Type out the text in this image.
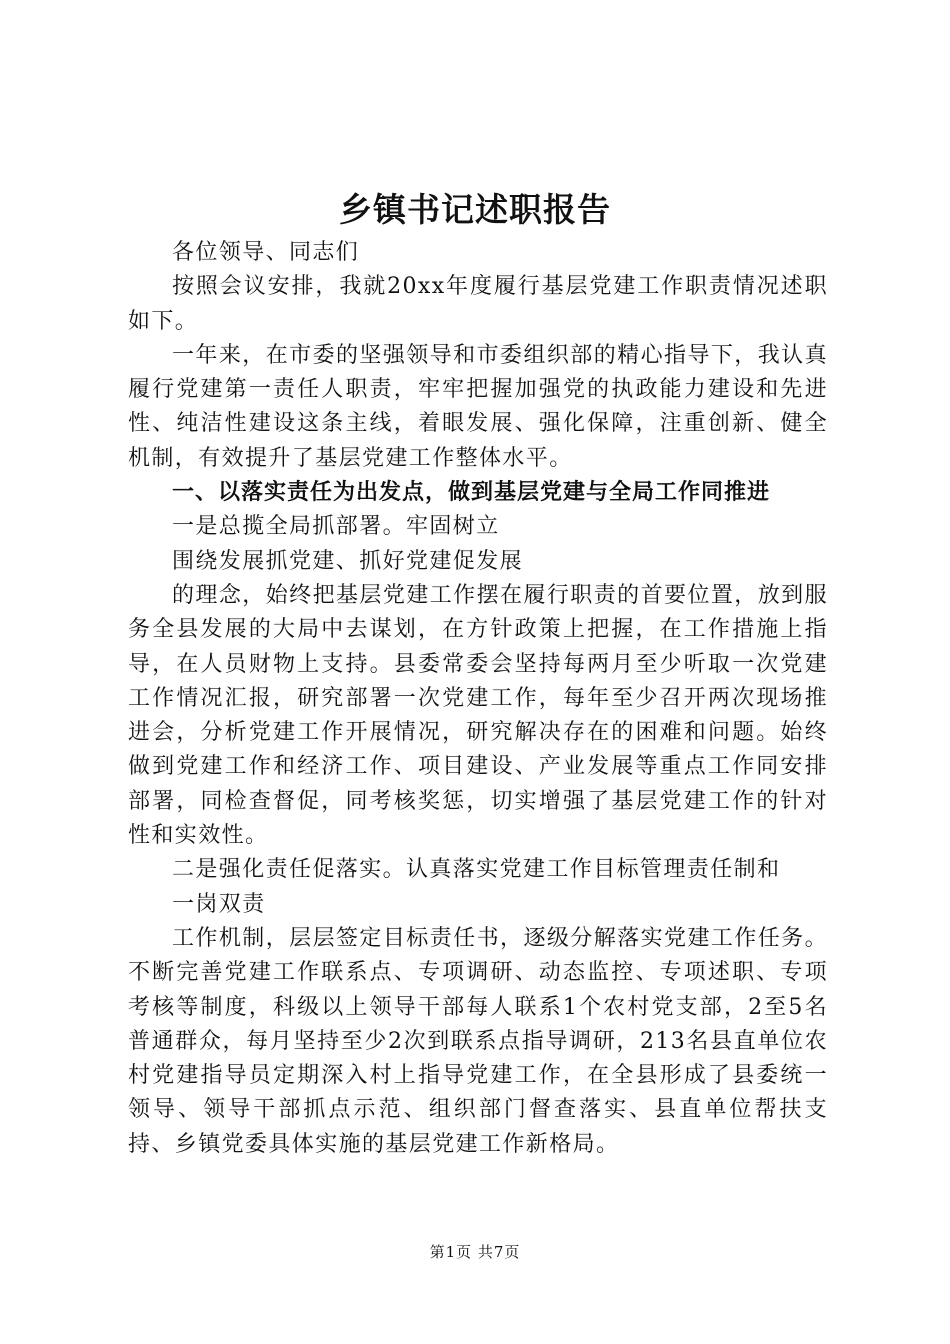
乡镇书记述职报告

各位领导、同志们

按照会议安排，我就20xx年度履行基层党建工作职责情况述职如下。

一年来，在市委的坚强领导和市委组织部的精心指导下，我认真履行党建第一责任人职责，牢牢把握加强党的执政能力建设和先进性、纯洁性建设这条主线，着眼发展、强化保障，注重创新、健全机制，有效提升了基层党建工作整体水平。

一、以落实责任为出发点，做到基层党建与全局工作同推进

一是总揽全局抓部署。牢固树立

围绕发展抓党建、抓好党建促发展

的理念，始终把基层党建工作摆在履行职责的首要位置，放到服务全县发展的大局中去谋划，在方针政策上把握，在工作措施上指导，在人员财物上支持。县委常委会坚持每两月至少听取一次党建工作情况汇报，研究部署一次党建工作，每年至少召开两次现场推进会，分析党建工作开展情况，研究解决存在的困难和问题。始终做到党建工作和经济工作、项目建设、产业发展等重点工作同安排部署，同检查督促，同考核奖惩，切实增强了基层党建工作的针对性和实效性。

二是强化责任促落实。认真落实党建工作目标管理责任制和

一岗双责

工作机制，层层签定目标责任书，逐级分解落实党建工作任务。不断完善党建工作联系点、专项调研、动态监控、专项述职、专项考核等制度，科级以上领导干部每人联系1个农村党支部，2至5名普通群众，每月坚持至少2次到联系点指导调研，213名县直单位农村党建指导员定期深入村上指导党建工作，在全县形成了县委统一领导、领导干部抓点示范、组织部门督查落实、县直单位帮扶支持、乡镇党委具体实施的基层党建工作新格局。

第1页 共7页
